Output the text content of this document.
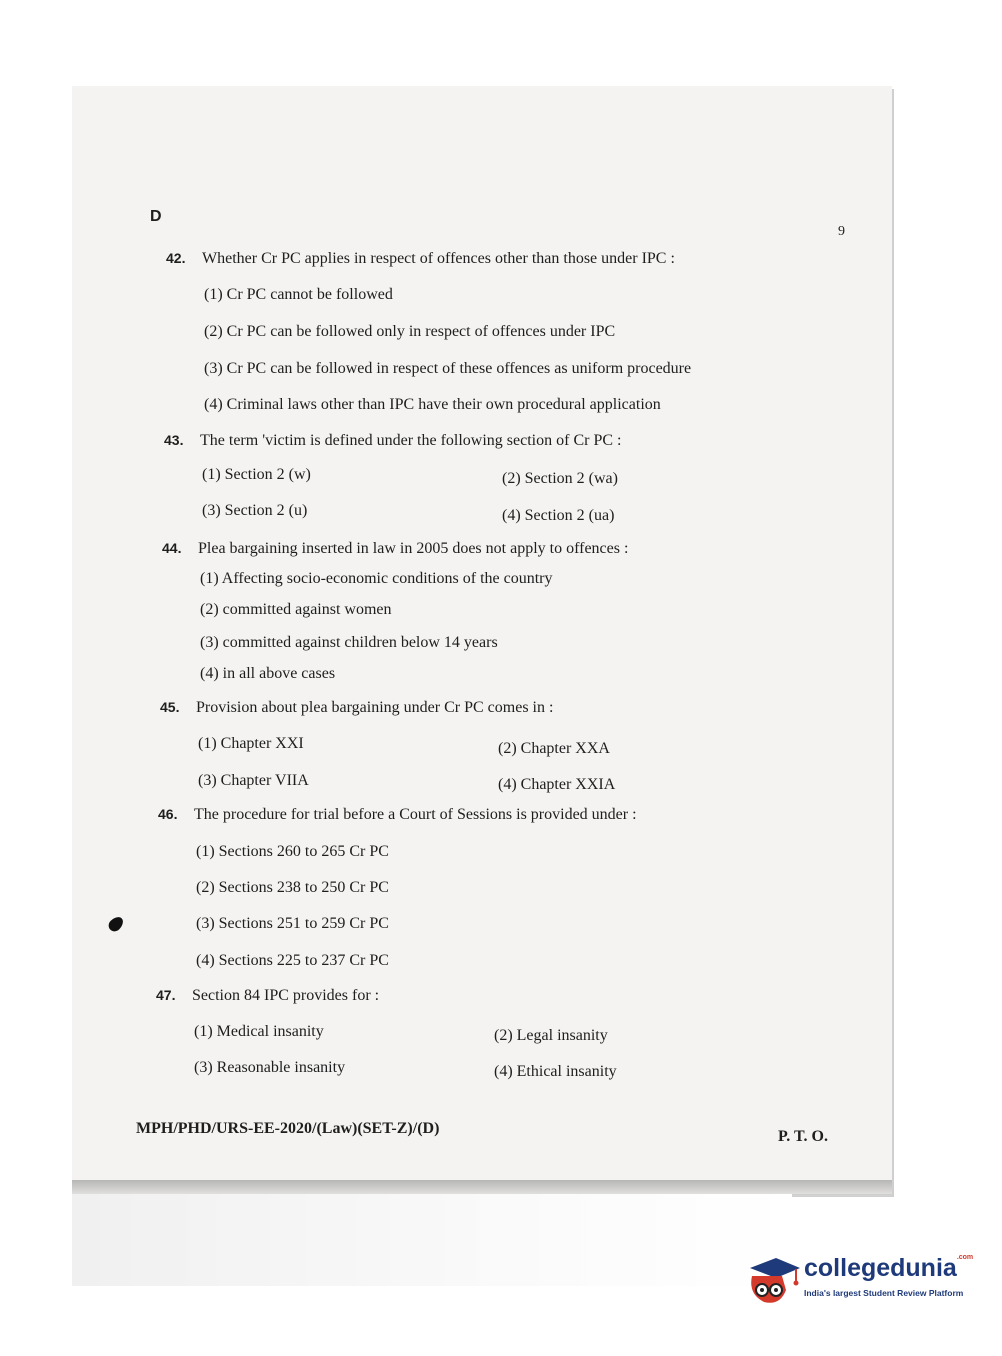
D
9
42. Whether Cr PC applies in respect of offences other than those under IPC :
(1) Cr PC cannot be followed
(2) Cr PC can be followed only in respect of offences under IPC
(3) Cr PC can be followed in respect of these offences as uniform procedure
(4) Criminal laws other than IPC have their own procedural application
43. The term 'victim is defined under the following section of Cr PC :
(1) Section 2 (w)	(2) Section 2 (wa)
(3) Section 2 (u)	(4) Section 2 (ua)
44. Plea bargaining inserted in law in 2005 does not apply to offences :
(1) Affecting socio-economic conditions of the country
(2) committed against women
(3) committed against children below 14 years
(4) in all above cases
45. Provision about plea bargaining under Cr PC comes in :
(1) Chapter XXI	(2) Chapter XXA
(3) Chapter VIIA	(4) Chapter XXIA
46. The procedure for trial before a Court of Sessions is provided under :
(1) Sections 260 to 265 Cr PC
(2) Sections 238 to 250 Cr PC
(3) Sections 251 to 259 Cr PC
(4) Sections 225 to 237 Cr PC
47. Section 84 IPC provides for :
(1) Medical insanity	(2) Legal insanity
(3) Reasonable insanity	(4) Ethical insanity
MPH/PHD/URS-EE-2020/(Law)(SET-Z)/(D)	P. T. O.
collegedunia$^{.com}$
India's largest Student Review Platform
